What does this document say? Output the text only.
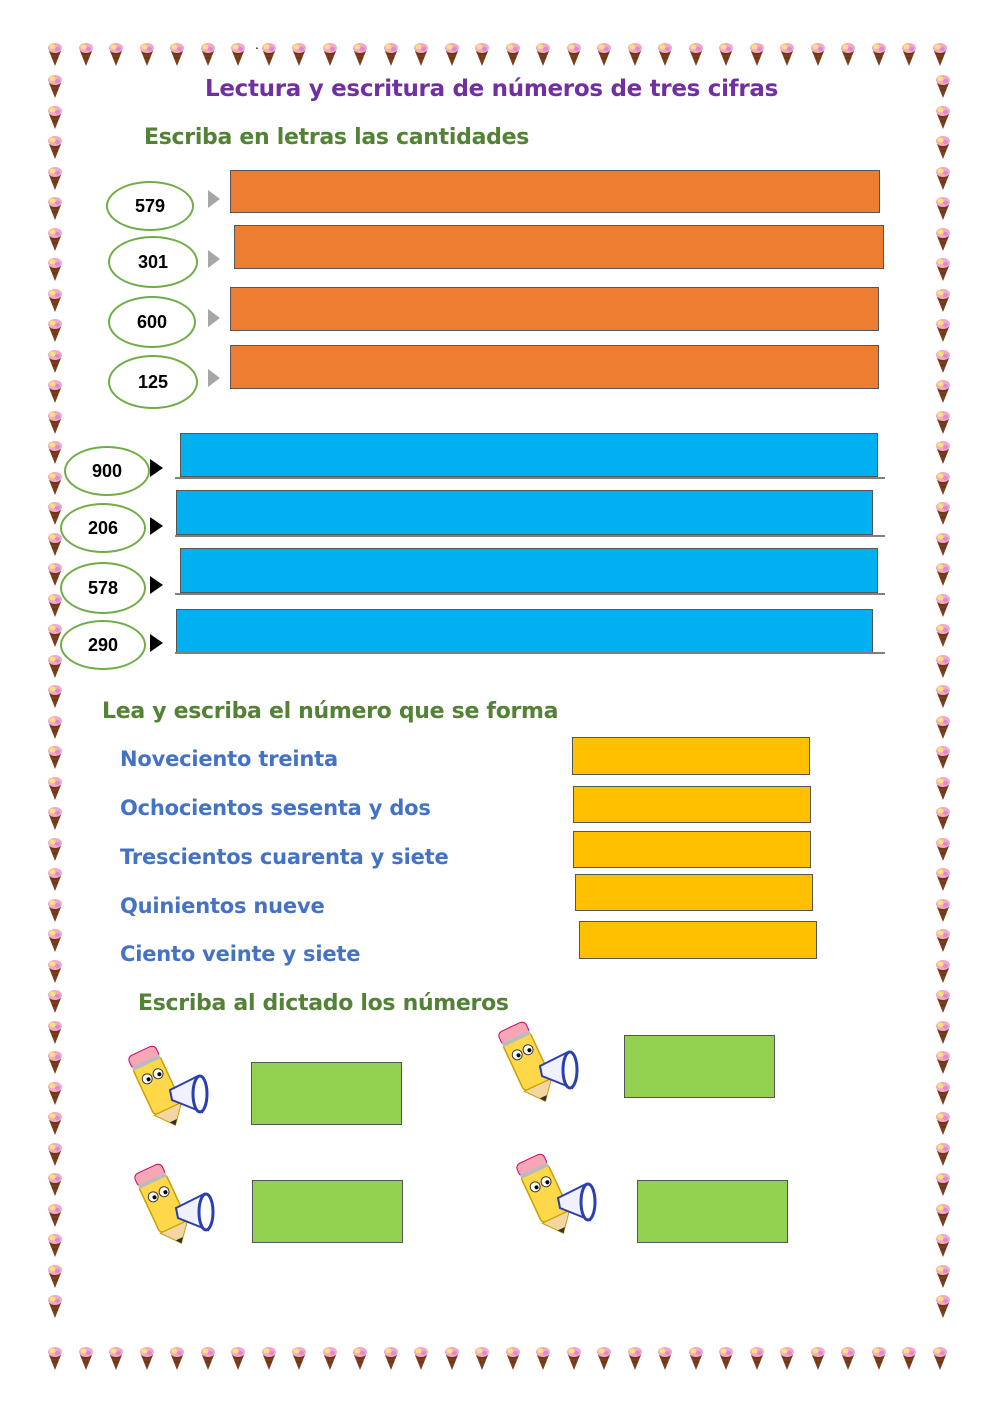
.
Lectura y escritura de números de tres cifras
Escriba en letras las cantidades
579
301
600
125
900
206
578
290
Lea y escriba el número que se forma
Noveciento treinta
Ochocientos sesenta y dos
Trescientos cuarenta y siete
Quinientos nueve
Ciento veinte y siete
Escriba al dictado los números
